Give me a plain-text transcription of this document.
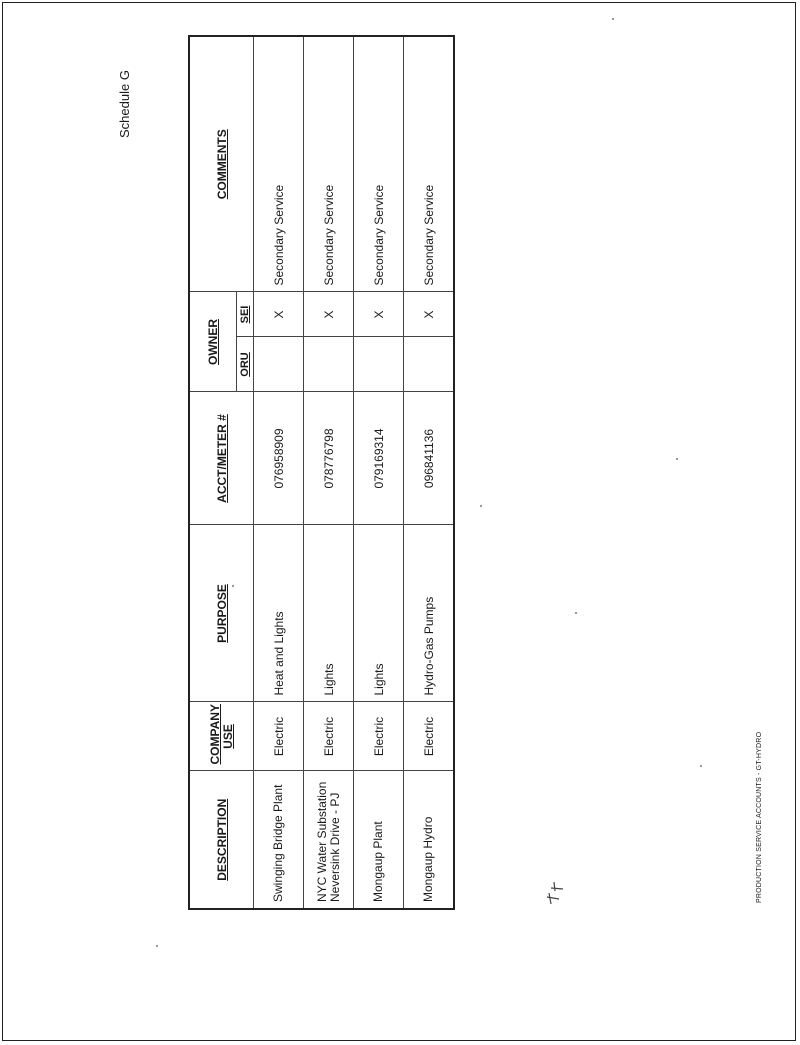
Schedule G
DESCRIPTION	COMPANY USE	PURPOSE	ACCT/METER #	OWNER		COMMENTS
				ORU	SEI	

Swinging Bridge Plant	Electric	Heat and Lights	07695890​9		X	Secondary Service

NYC Water Substation Neversink Drive - PJ	Electric	Lights	078776798		X	Secondary Service

Mongaup Plant	Electric	Lights	079169314		X	Secondary Service

Mongaup Hydro	Electric	Hydro-Gas Pumps	096841136		X	Secondary Service
PRODUCTION SERVICE ACCOUNTS - GT-HYDRO
